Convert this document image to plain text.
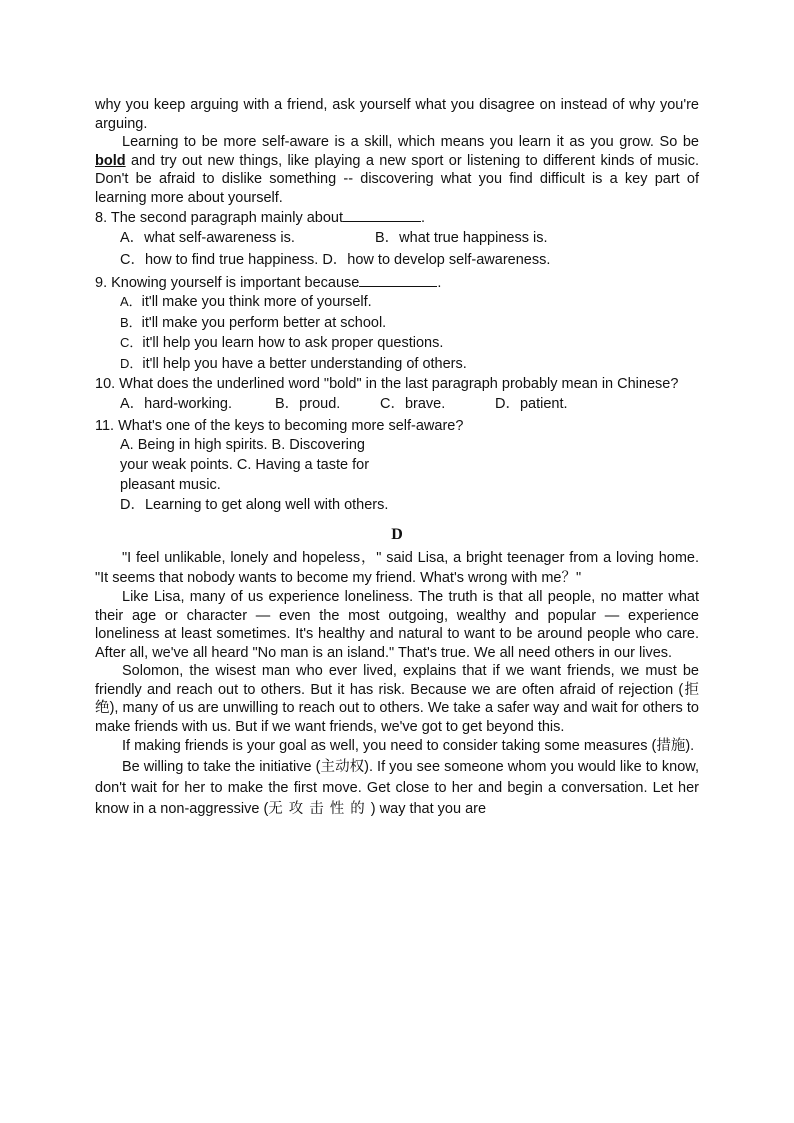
why you keep arguing with a friend, ask yourself what you disagree on instead of why you're arguing.

Learning to be more self-aware is a skill, which means you learn it as you grow. So be bold and try out new things, like playing a new sport or listening to different kinds of music. Don't be afraid to dislike something -- discovering what you find difficult is a key part of learning more about yourself.

8. The second paragraph mainly about	.

A．what self-awareness is.	B．what true happiness is.
C．how to find true happiness.
D．how to develop self-awareness.

9. Knowing yourself is important because	.

A．it'll make you think more of yourself.
B．it'll make you perform better at school.
C．it'll help you learn how to ask proper questions.
D．it'll help you have a better understanding of others.

10. What does the underlined word "bold" in the last paragraph probably mean in Chinese?

A．hard-working.	B．proud.	C．brave.	D．patient.

11. What's one of the keys to becoming more self-aware?

A. Being in high spirits. B. Discovering your weak points. C. Having a taste for pleasant music.
D．Learning to get along well with others.
D

"I feel unlikable, lonely and hopeless，" said Lisa, a bright teenager from a loving home. "It seems that nobody wants to become my friend. What's wrong with me？"

Like Lisa, many of us experience loneliness. The truth is that all people, no matter what their age or character — even the most outgoing, wealthy and popular — experience loneliness at least sometimes. It's healthy and natural to want to be around people who care. After all, we've all heard "No man is an island." That's true. We all need others in our lives.

Solomon, the wisest man who ever lived, explains that if we want friends, we must be friendly and reach out to others. But it has risk. Because we are often afraid of rejection (拒绝), many of us are unwilling to reach out to others. We take a safer way and wait for others to make friends with us. But if we want friends, we've got to get beyond this.

If making friends is your goal as well, you need to consider taking some measures (措施).

Be willing to take the initiative (主动权). If you see someone whom you would like to know, don't wait for her to make the first move. Get close to her and begin a conversation. Let her know in a non-aggressive (无攻击性的) way that you are
